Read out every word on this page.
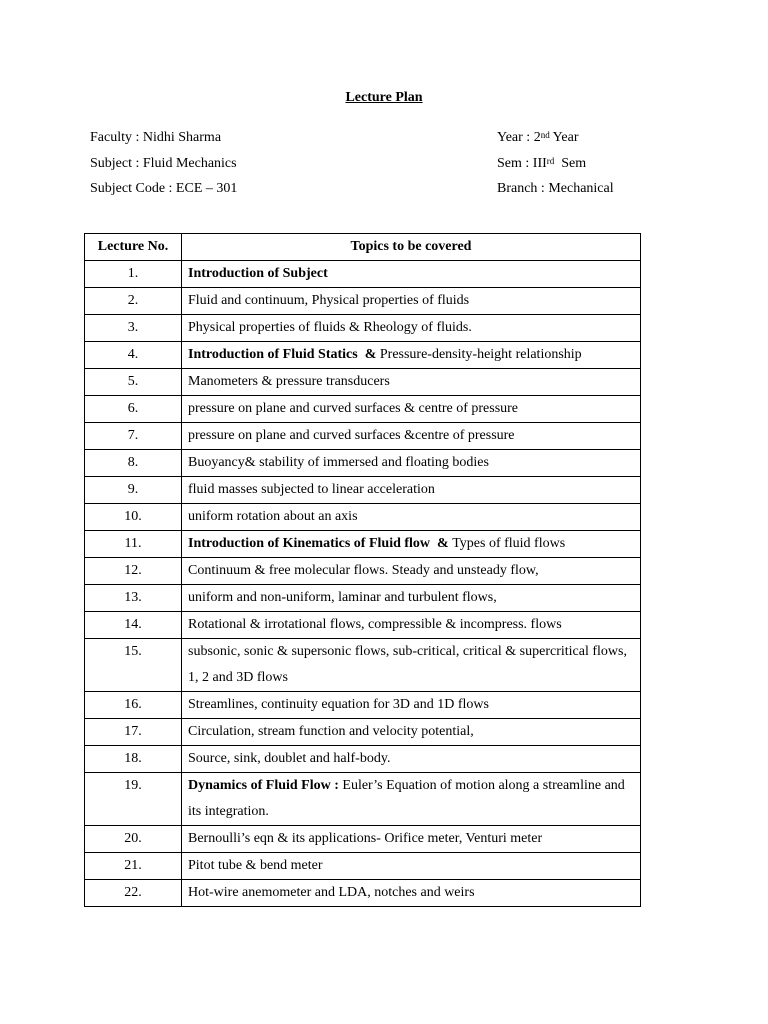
Lecture Plan
Faculty : Nidhi Sharma
Subject : Fluid Mechanics
Subject Code : ECE – 301
Year : 2nd Year
Sem : IIIrd  Sem
Branch : Mechanical
Lecture No.	Topics to be covered
1.	Introduction of Subject
2.	Fluid and continuum, Physical properties of fluids
3.	Physical properties of fluids & Rheology of fluids.
4.	Introduction of Fluid Statics  & Pressure-density-height relationship
5.	Manometers & pressure transducers
6.	pressure on plane and curved surfaces & centre of pressure
7.	pressure on plane and curved surfaces &centre of pressure
8.	Buoyancy& stability of immersed and floating bodies
9.	fluid masses subjected to linear acceleration
10.	uniform rotation about an axis
11.	Introduction of Kinematics of Fluid flow  & Types of fluid flows
12.	Continuum & free molecular flows. Steady and unsteady flow,
13.	uniform and non-uniform, laminar and turbulent flows,
14.	Rotational & irrotational flows, compressible & incompress. flows
15.	subsonic, sonic & supersonic flows, sub-critical, critical & supercritical flows, 1, 2 and 3D flows
16.	Streamlines, continuity equation for 3D and 1D flows
17.	Circulation, stream function and velocity potential,
18.	Source, sink, doublet and half-body.
19.	Dynamics of Fluid Flow : Euler’s Equation of motion along a streamline and its integration.
20.	Bernoulli’s eqn & its applications- Orifice meter, Venturi meter
21.	Pitot tube & bend meter
22.	Hot-wire anemometer and LDA, notches and weirs
